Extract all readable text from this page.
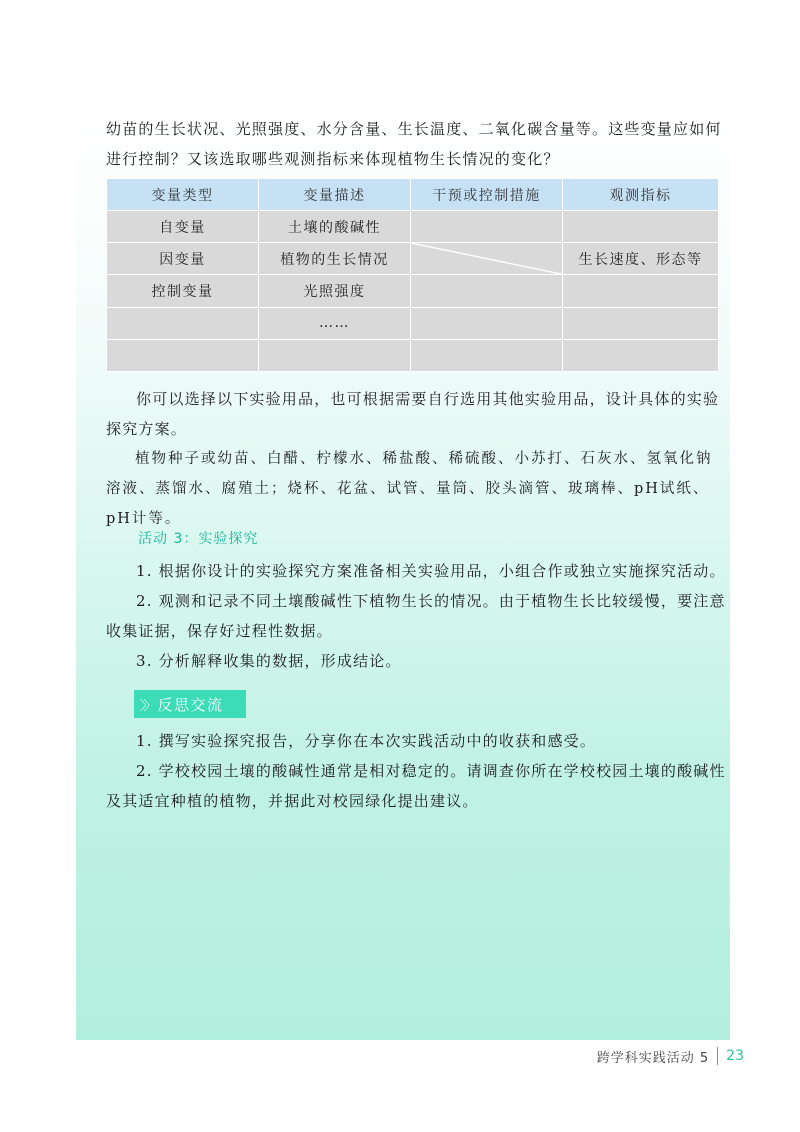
幼苗的生长状况、光照强度、水分含量、生长温度、二氧化碳含量等。这些变量应如何
进行控制？又该选取哪些观测指标来体现植物生长情况的变化？
变量类型	变量描述	干预或控制措施	观测指标
自变量	土壤的酸碱性		
因变量	植物的生长情况		生长速度、形态等
控制变量	光照强度		
	……		

你可以选择以下实验用品，也可根据需要自行选用其他实验用品，设计具体的实验探究方案。
植物种子或幼苗、白醋、柠檬水、稀盐酸、稀硫酸、小苏打、石灰水、氢氧化钠溶液、蒸馏水、腐殖土；烧杯、花盆、试管、量筒、胶头滴管、玻璃棒、pH试纸、pH计等。
活动 3：实验探究
1. 根据你设计的实验探究方案准备相关实验用品，小组合作或独立实施探究活动。
2. 观测和记录不同土壤酸碱性下植物生长的情况。由于植物生长比较缓慢，要注意收集证据，保存好过程性数据。
3. 分析解释收集的数据，形成结论。
〉〉 反思交流
1. 撰写实验探究报告，分享你在本次实践活动中的收获和感受。
2. 学校校园土壤的酸碱性通常是相对稳定的。请调查你所在学校校园土壤的酸碱性及其适宜种植的植物，并据此对校园绿化提出建议。
跨学科实践活动 5 23
